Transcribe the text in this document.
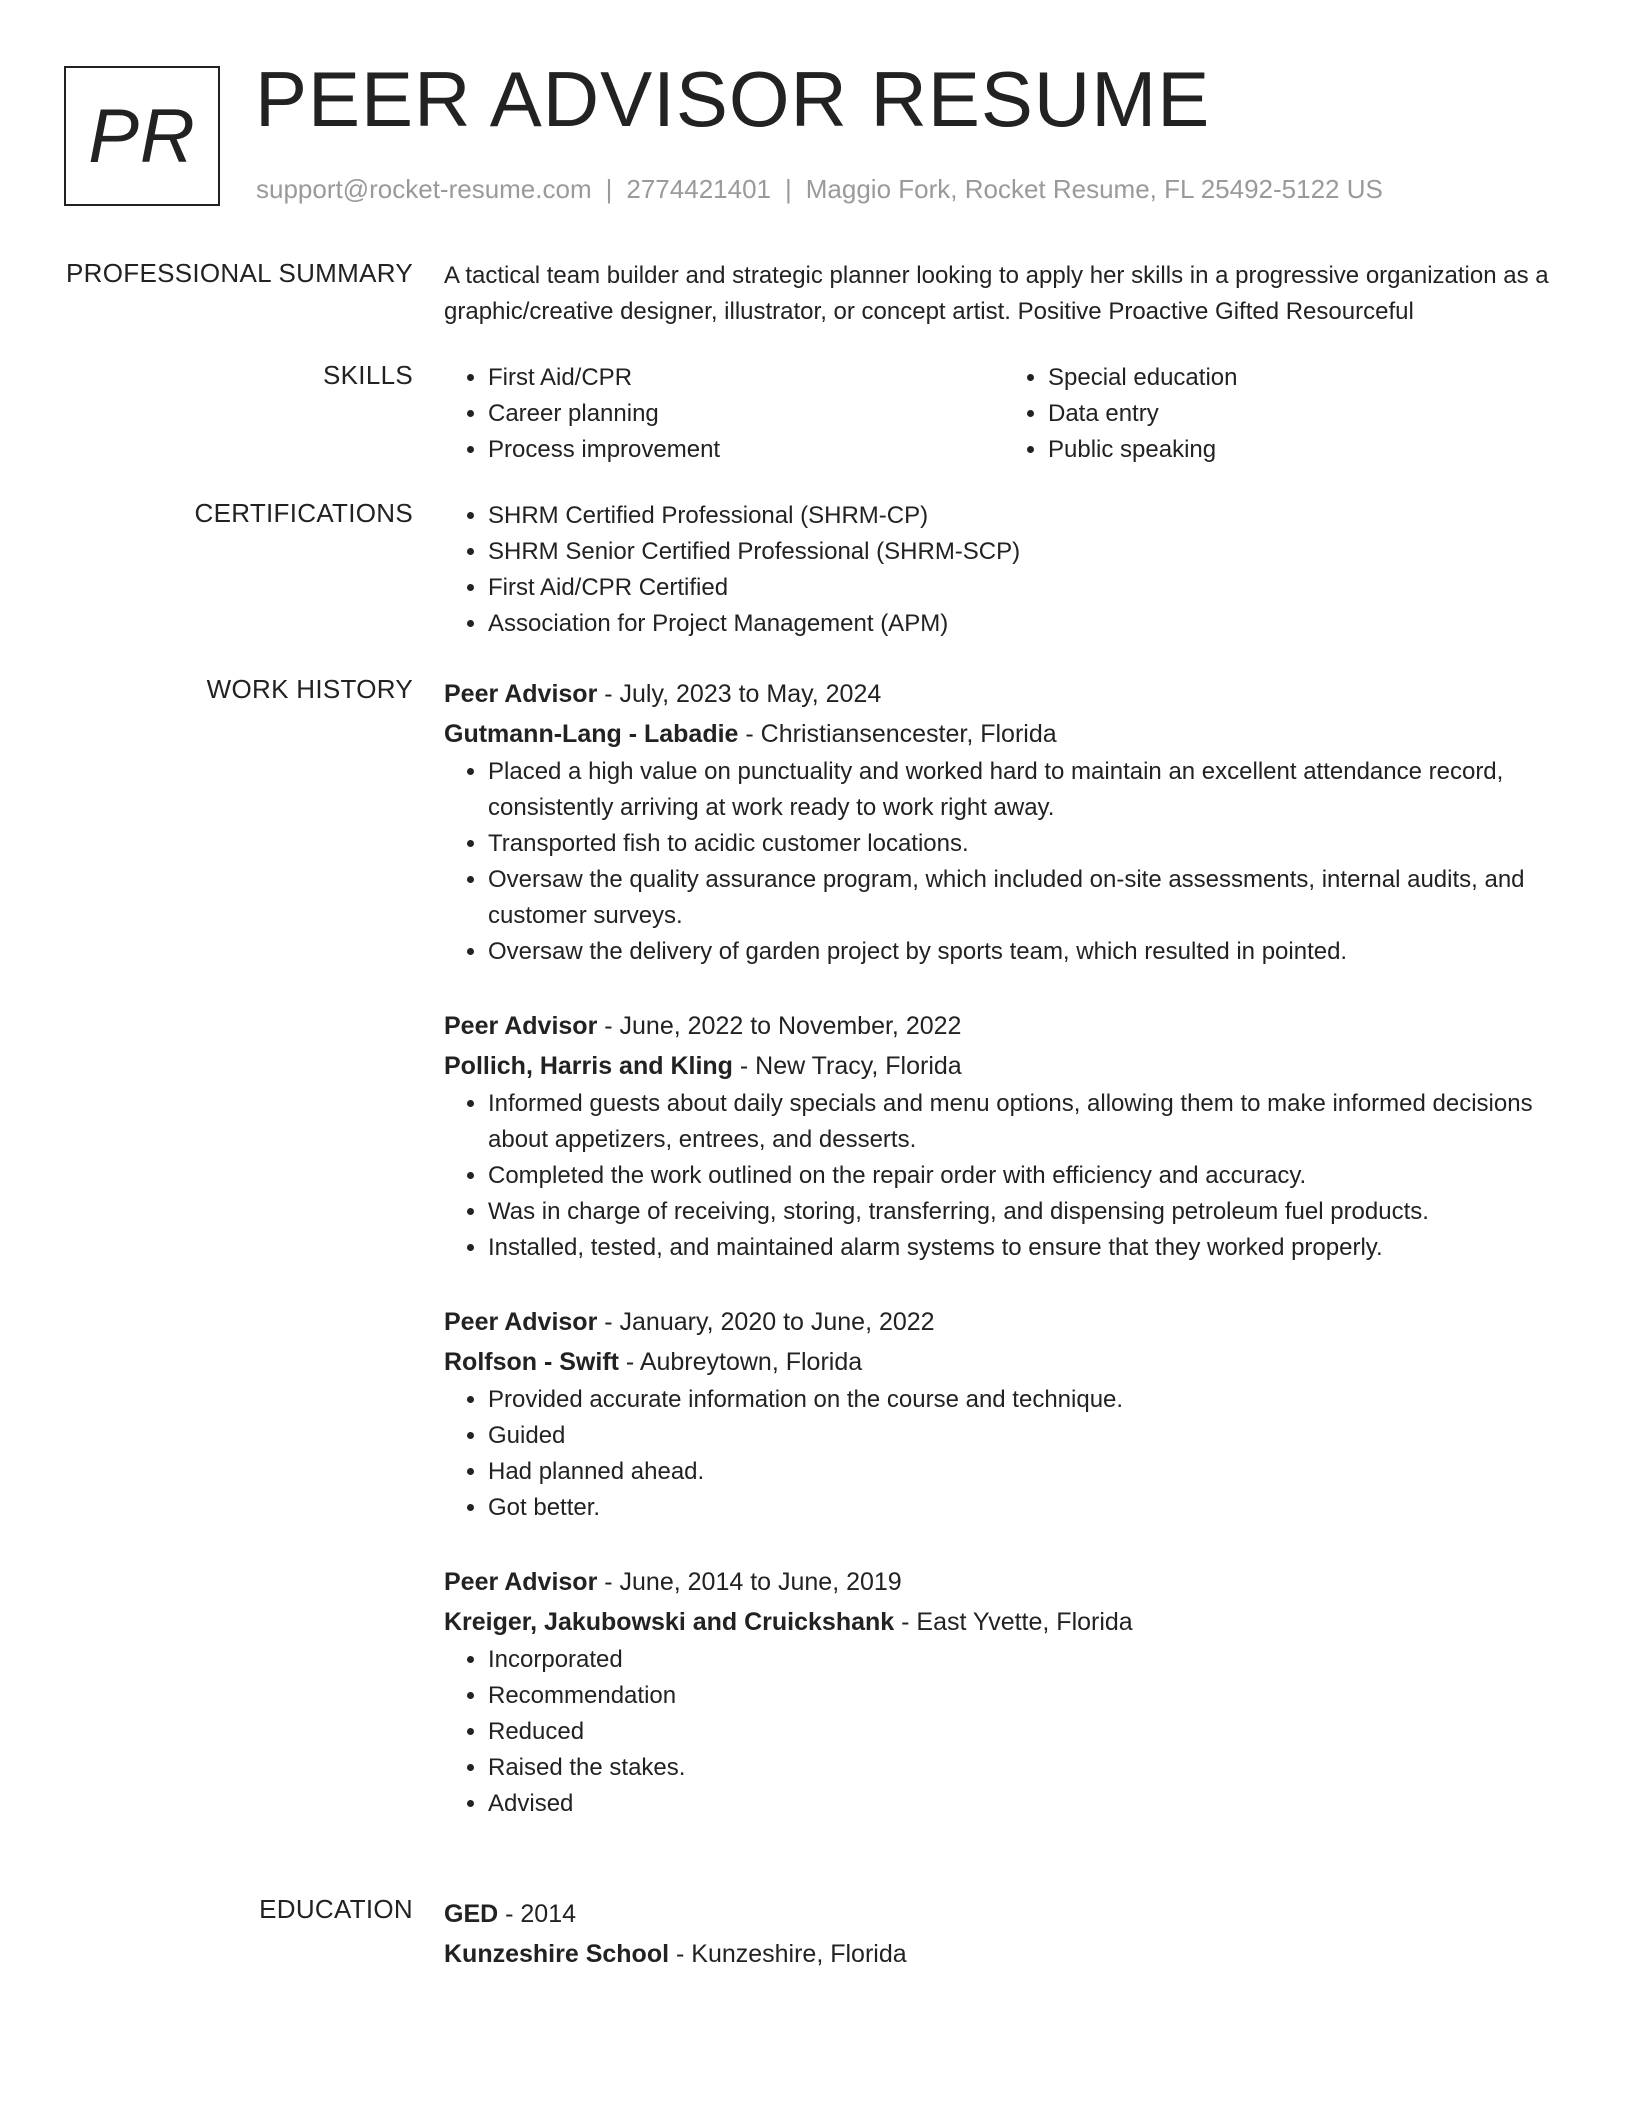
PR PEER ADVISOR RESUME
support@rocket-resume.com | 2774421401 | Maggio Fork, Rocket Resume, FL 25492-5122 US
PROFESSIONAL SUMMARY A tactical team builder and strategic planner looking to apply her skills in a progressive organization as a graphic/creative designer, illustrator, or concept artist. Positive Proactive Gifted Resourceful

SKILLS	• First Aid/CPR
• Career planning
• Process improvement
• Special education
• Data entry
• Public speaking
CERTIFICATIONS	• SHRM Certified Professional (SHRM-CP)
• SHRM Senior Certified Professional (SHRM-SCP)
• First Aid/CPR Certified
• Association for Project Management (APM)
WORK HISTORY Peer Advisor - July, 2023 to May, 2024
Gutmann-Lang - Labadie - Christiansencester, Florida
• Placed a high value on punctuality and worked hard to maintain an excellent attendance record, consistently arriving at work ready to work right away.
• Transported fish to acidic customer locations.
• Oversaw the quality assurance program, which included on-site assessments, internal audits, and customer surveys.
• Oversaw the delivery of garden project by sports team, which resulted in pointed.
Peer Advisor - June, 2022 to November, 2022
Pollich, Harris and Kling - New Tracy, Florida
• Informed guests about daily specials and menu options, allowing them to make informed decisions about appetizers, entrees, and desserts.
• Completed the work outlined on the repair order with efficiency and accuracy.
• Was in charge of receiving, storing, transferring, and dispensing petroleum fuel products.
• Installed, tested, and maintained alarm systems to ensure that they worked properly.
Peer Advisor - January, 2020 to June, 2022
Rolfson - Swift - Aubreytown, Florida
• Provided accurate information on the course and technique.
• Guided
• Had planned ahead.
• Got better.
Peer Advisor - June, 2014 to June, 2019
Kreiger, Jakubowski and Cruickshank - East Yvette, Florida
• Incorporated
• Recommendation
• Reduced
• Raised the stakes.
• Advised
EDUCATION GED - 2014
Kunzeshire School - Kunzeshire, Florida
